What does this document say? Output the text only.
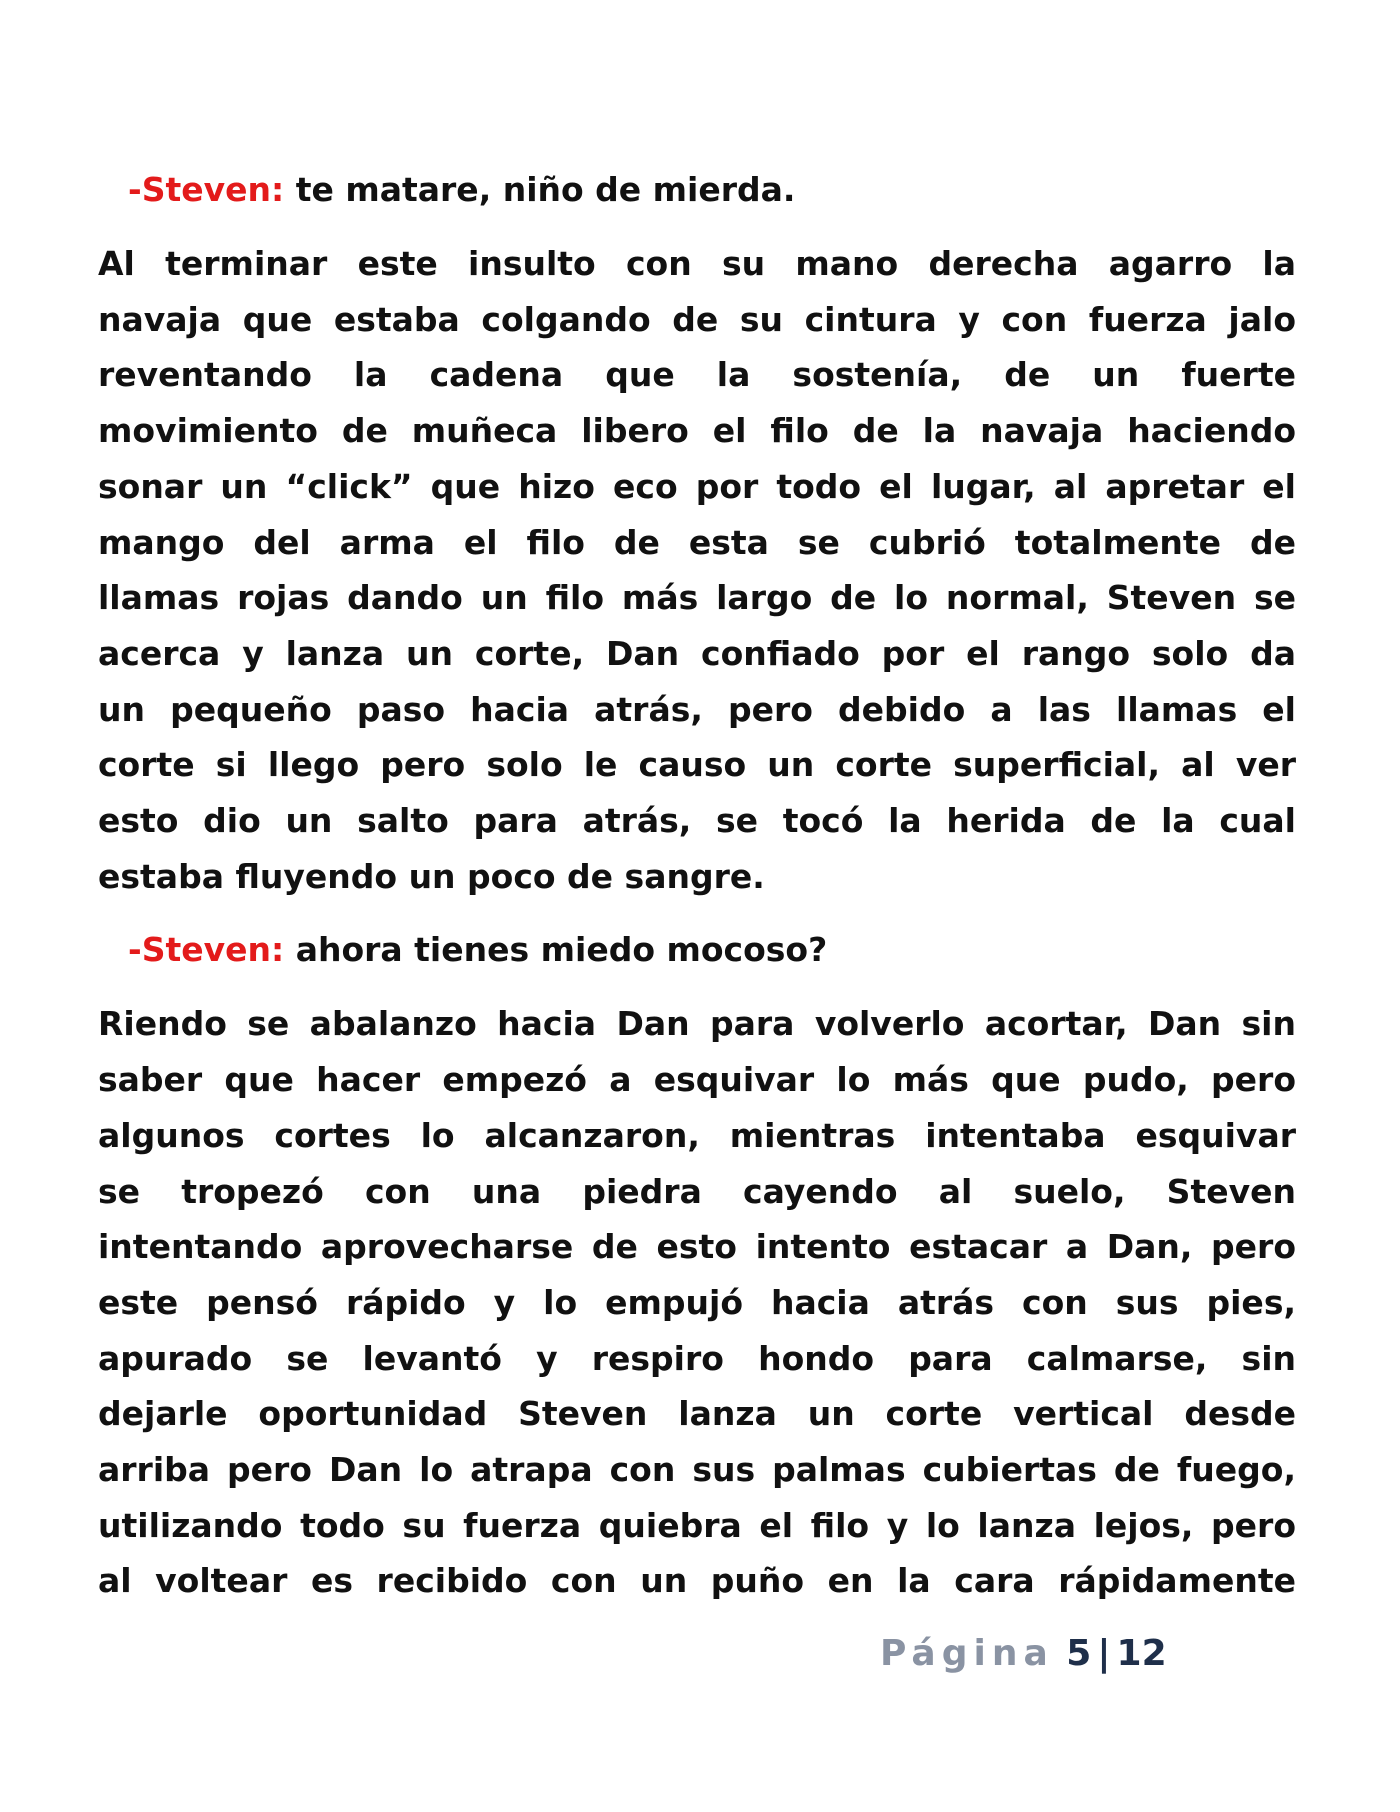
-Steven: te matare, niño de mierda.

Al terminar este insulto con su mano derecha agarro la
navaja que estaba colgando de su cintura y con fuerza jalo
reventando la cadena que la sostenía, de un fuerte
movimiento de muñeca libero el filo de la navaja haciendo
sonar un “click” que hizo eco por todo el lugar, al apretar el
mango del arma el filo de esta se cubrió totalmente de
llamas rojas dando un filo más largo de lo normal, Steven se
acerca y lanza un corte, Dan confiado por el rango solo da
un pequeño paso hacia atrás, pero debido a las llamas el
corte si llego pero solo le causo un corte superficial, al ver
esto dio un salto para atrás, se tocó la herida de la cual
estaba fluyendo un poco de sangre.

-Steven: ahora tienes miedo mocoso?

Riendo se abalanzo hacia Dan para volverlo acortar, Dan sin
saber que hacer empezó a esquivar lo más que pudo, pero
algunos cortes lo alcanzaron, mientras intentaba esquivar
se tropezó con una piedra cayendo al suelo, Steven
intentando aprovecharse de esto intento estacar a Dan, pero
este pensó rápido y lo empujó hacia atrás con sus pies,
apurado se levantó y respiro hondo para calmarse, sin
dejarle oportunidad Steven lanza un corte vertical desde
arriba pero Dan lo atrapa con sus palmas cubiertas de fuego,
utilizando todo su fuerza quiebra el filo y lo lanza lejos, pero
al voltear es recibido con un puño en la cara rápidamente
Página 5 | 12
